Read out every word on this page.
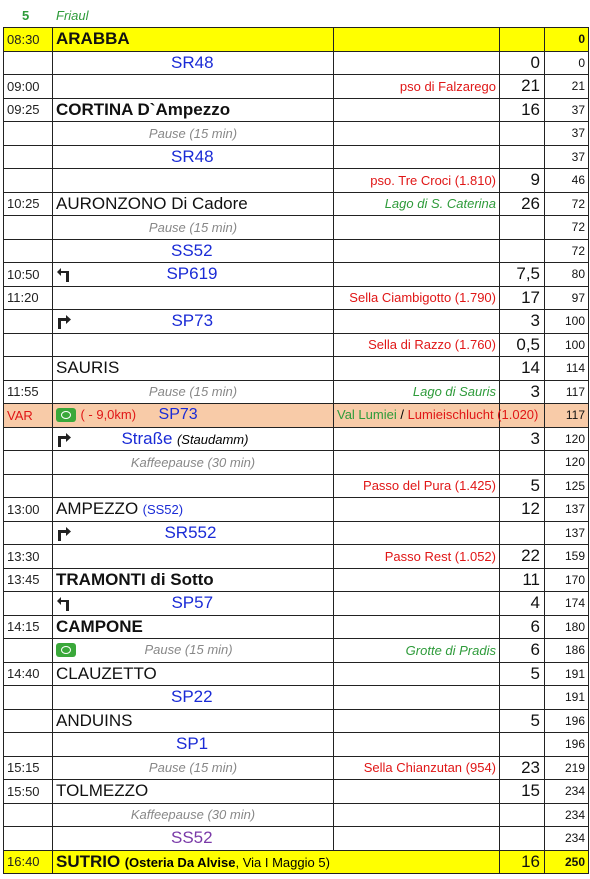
5 Friaul
08:30	ARABBA			0
	SR48		0	0
09:00		pso di Falzarego	21	21
09:25	CORTINA D`Ampezzo		16	37
	Pause (15 min)			37
	SR48			37
		pso. Tre Croci (1.810)	9	46
10:25	AURONZONO Di Cadore	Lago di S. Caterina	26	72
	Pause (15 min)			72
	SS52			72
10:50	SP619		7,5	80
11:20		Sella Ciambigotto (1.790)	17	97
	SP73		3	100
		Sella di Razzo (1.760)	0,5	100
	SAURIS		14	114
11:55	Pause (15 min)	Lago di Sauris	3	117
VAR	( - 9,0km) SP73	Val Lumiei / Lumieischlucht (1.020)		117
	Straße (Staudamm)		3	120
	Kaffeepause (30 min)			120
		Passo del Pura (1.425)	5	125
13:00	AMPEZZO (SS52)		12	137
	SR552			137
13:30		Passo Rest (1.052)	22	159
13:45	TRAMONTI di Sotto		11	170
	SP57		4	174
14:15	CAMPONE		6	180
	Pause (15 min)	Grotte di Pradis	6	186
14:40	CLAUZETTO		5	191
	SP22			191
	ANDUINS		5	196
	SP1			196
15:15	Pause (15 min)	Sella Chianzutan (954)	23	219
15:50	TOLMEZZO		15	234
	Kaffeepause (30 min)			234
	SS52			234
16:40	SUTRIO (Osteria Da Alvise, Via I Maggio 5)		16	250
